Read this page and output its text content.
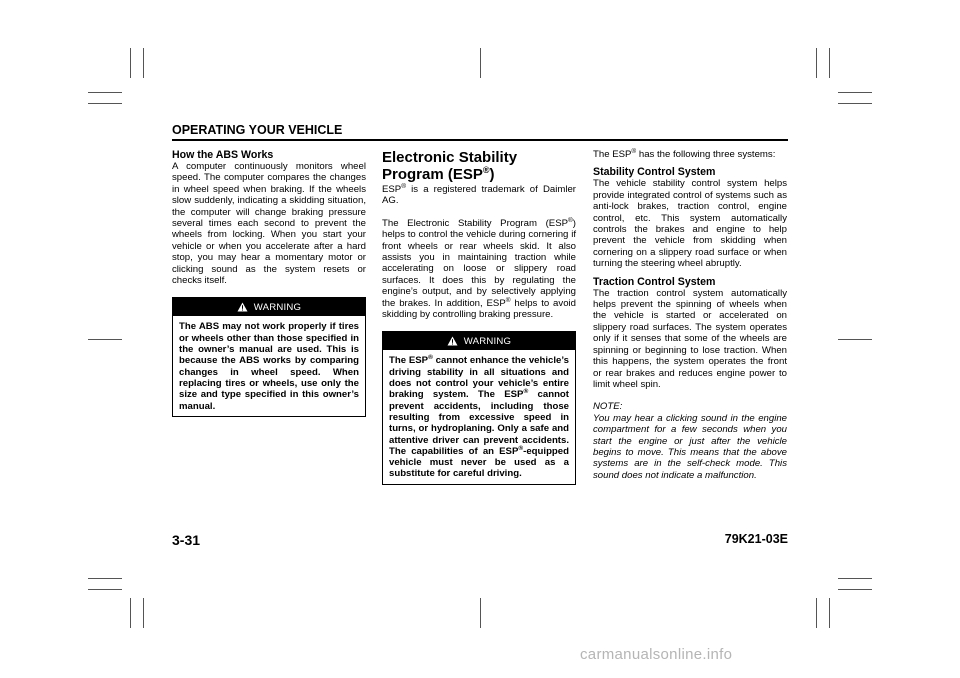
OPERATING YOUR VEHICLE
How the ABS Works

A computer continuously monitors wheel speed. The computer compares the changes in wheel speed when braking. If the wheels slow suddenly, indicating a skidding situation, the computer will change braking pressure several times each second to prevent the wheels from locking. When you start your vehicle or when you accelerate after a hard stop, you may hear a momentary motor or clicking sound as the system resets or checks itself.

WARNING
The ABS may not work properly if tires or wheels other than those specified in the owner’s manual are used. This is because the ABS works by comparing changes in wheel speed. When replacing tires or wheels, use only the size and type specified in this owner’s manual.
Electronic Stability Program (ESP®)

ESP® is a registered trademark of Daimler AG.

The Electronic Stability Program (ESP®) helps to control the vehicle during cornering if front wheels or rear wheels skid. It also assists you in maintaining traction while accelerating on loose or slippery road surfaces. It does this by regulating the engine’s output, and by selectively applying the brakes. In addition, ESP® helps to avoid skidding by controlling braking pressure.

WARNING
The ESP® cannot enhance the vehicle’s driving stability in all situations and does not control your vehicle’s entire braking system. The ESP® cannot prevent accidents, including those resulting from excessive speed in turns, or hydroplaning. Only a safe and attentive driver can prevent accidents. The capabilities of an ESP®-equipped vehicle must never be used as a substitute for careful driving.

The ESP® has the following three systems:

Stability Control System

The vehicle stability control system helps provide integrated control of systems such as anti-lock brakes, traction control, engine control, etc. This system automatically controls the brakes and engine to help prevent the vehicle from skidding when cornering on a slippery road surface or when turning the steering wheel abruptly.

Traction Control System

The traction control system automatically helps prevent the spinning of wheels when the vehicle is started or accelerated on slippery road surfaces. The system operates only if it senses that some of the wheels are spinning or beginning to lose traction. When this happens, the system operates the front or rear brakes and reduces engine power to limit wheel spin.

NOTE:
You may hear a clicking sound in the engine compartment for a few seconds when you start the engine or just after the vehicle begins to move. This means that the above systems are in the self-check mode. This sound does not indicate a malfunction.
3-31	79K21-03E
carmanualsonline.info
